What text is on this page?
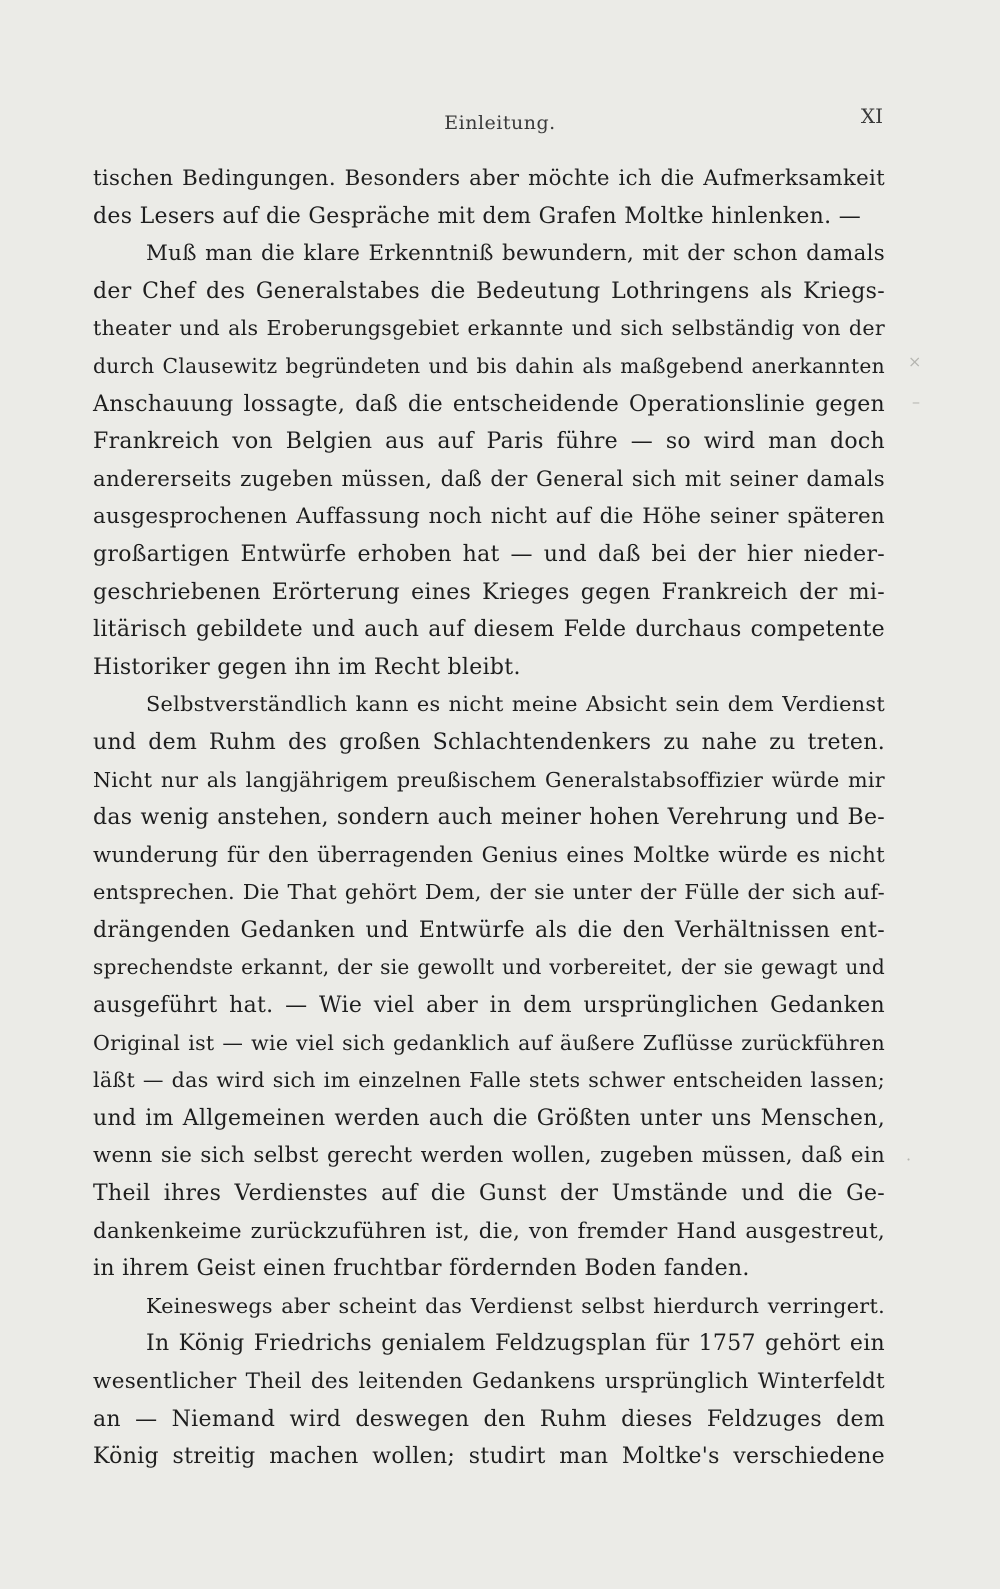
Einleitung.	XI
tischen Bedingungen. Besonders aber möchte ich die Aufmerksamkeit
des Lesers auf die Gespräche mit dem Grafen Moltke hinlenken. —
Muß man die klare Erkenntniß bewundern, mit der schon damals
der Chef des Generalstabes die Bedeutung Lothringens als Kriegs-
theater und als Eroberungsgebiet erkannte und sich selbständig von der
durch Clausewitz begründeten und bis dahin als maßgebend anerkannten
Anschauung lossagte, daß die entscheidende Operationslinie gegen
Frankreich von Belgien aus auf Paris führe — so wird man doch
andererseits zugeben müssen, daß der General sich mit seiner damals
ausgesprochenen Auffassung noch nicht auf die Höhe seiner späteren
großartigen Entwürfe erhoben hat — und daß bei der hier nieder-
geschriebenen Erörterung eines Krieges gegen Frankreich der mi-
litärisch gebildete und auch auf diesem Felde durchaus competente
Historiker gegen ihn im Recht bleibt.
Selbstverständlich kann es nicht meine Absicht sein dem Verdienst
und dem Ruhm des großen Schlachtendenkers zu nahe zu treten.
Nicht nur als langjährigem preußischem Generalstabsoffizier würde mir
das wenig anstehen, sondern auch meiner hohen Verehrung und Be-
wunderung für den überragenden Genius eines Moltke würde es nicht
entsprechen. Die That gehört Dem, der sie unter der Fülle der sich auf-
drängenden Gedanken und Entwürfe als die den Verhältnissen ent-
sprechendste erkannt, der sie gewollt und vorbereitet, der sie gewagt und
ausgeführt hat. — Wie viel aber in dem ursprünglichen Gedanken
Original ist — wie viel sich gedanklich auf äußere Zuflüsse zurückführen
läßt — das wird sich im einzelnen Falle stets schwer entscheiden lassen;
und im Allgemeinen werden auch die Größten unter uns Menschen,
wenn sie sich selbst gerecht werden wollen, zugeben müssen, daß ein
Theil ihres Verdienstes auf die Gunst der Umstände und die Ge-
dankenkeime zurückzuführen ist, die, von fremder Hand ausgestreut,
in ihrem Geist einen fruchtbar fördernden Boden fanden.
Keineswegs aber scheint das Verdienst selbst hierdurch verringert.
In König Friedrichs genialem Feldzugsplan für 1757 gehört ein
wesentlicher Theil des leitenden Gedankens ursprünglich Winterfeldt
an — Niemand wird deswegen den Ruhm dieses Feldzuges dem
König streitig machen wollen; studirt man Moltke's verschiedene
×
–
·
